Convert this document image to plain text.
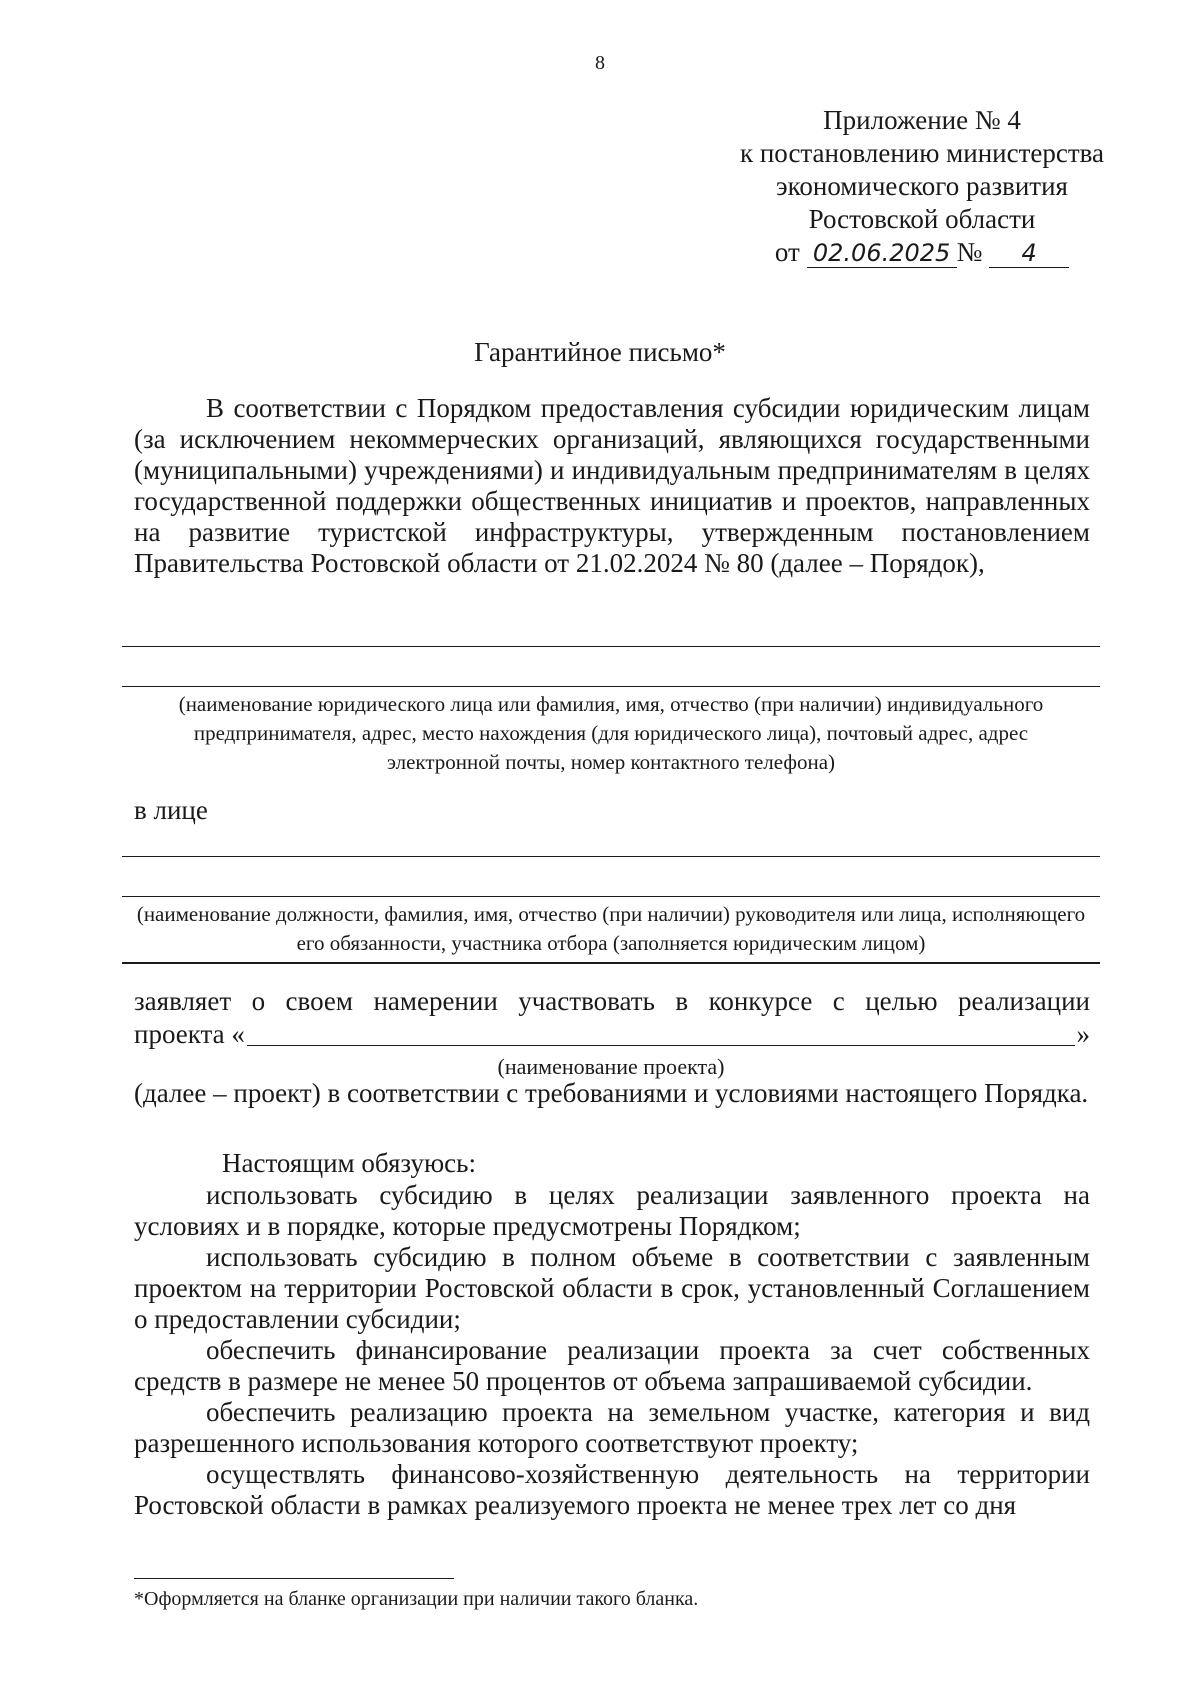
8
Приложение № 4
к постановлению министерства
экономического развития
Ростовской области
от 02.06.2025 № 4
Гарантийное письмо*

В соответствии с Порядком предоставления субсидии юридическим лицам (за исключением некоммерческих организаций, являющихся государственными (муниципальными) учреждениями) и индивидуальным предпринимателям в целях государственной поддержки общественных инициатив и проектов, направленных на развитие туристской инфраструктуры, утвержденным постановлением Правительства Ростовской области от 21.02.2024 № 80 (далее – Порядок),

(наименование юридического лица или фамилия, имя, отчество (при наличии) индивидуального предпринимателя, адрес, место нахождения (для юридического лица), почтовый адрес, адрес электронной почты, номер контактного телефона)
в лице
(наименование должности, фамилия, имя, отчество (при наличии) руководителя или лица, исполняющего его обязанности, участника отбора (заполняется юридическим лицом)

заявляет о своем намерении участвовать в конкурсе с целью реализации

проекта «	»
(наименование проекта)

(далее – проект) в соответствии с требованиями и условиями настоящего Порядка.

Настоящим обязуюсь:

использовать субсидию в целях реализации заявленного проекта на условиях и в порядке, которые предусмотрены Порядком;

использовать субсидию в полном объеме в соответствии с заявленным проектом на территории Ростовской области в срок, установленный Соглашением о предоставлении субсидии;

обеспечить финансирование реализации проекта за счет собственных средств в размере не менее 50 процентов от объема запрашиваемой субсидии.

обеспечить реализацию проекта на земельном участке, категория и вид разрешенного использования которого соответствуют проекту;

осуществлять финансово-хозяйственную деятельность на территории Ростовской области в рамках реализуемого проекта не менее трех лет со дня

*Оформляется на бланке организации при наличии такого бланка.
